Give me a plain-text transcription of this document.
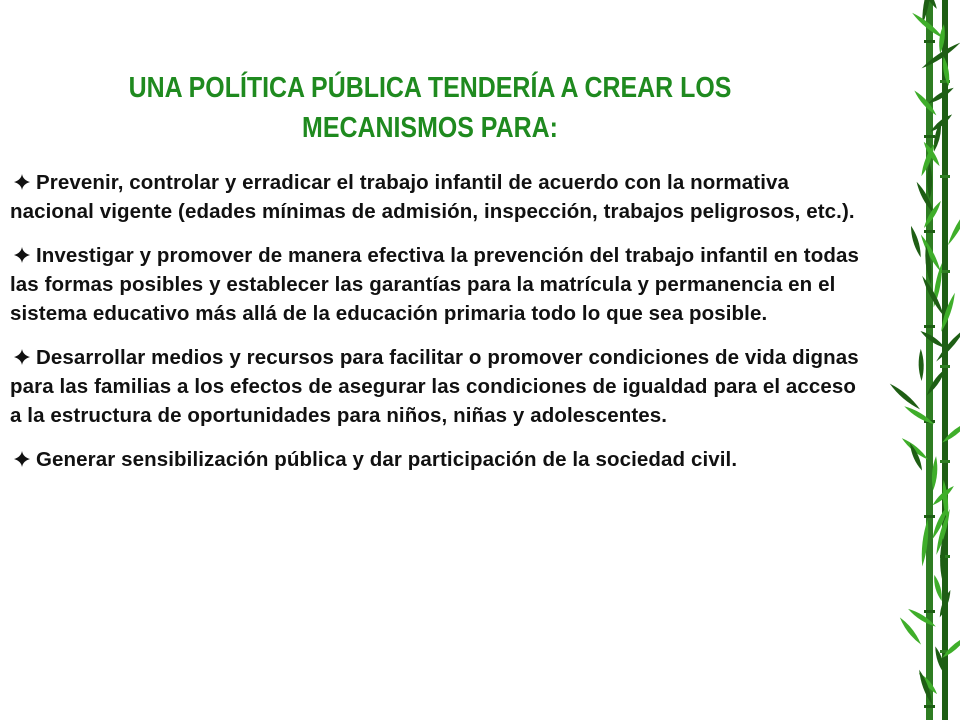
UNA POLÍTICA PÚBLICA TENDERÍA A CREAR LOS
MECANISMOS PARA:
Prevenir, controlar y erradicar el trabajo infantil de acuerdo con la normativa nacional vigente (edades mínimas de admisión, inspección, trabajos peligrosos, etc.).
Investigar y promover de manera efectiva la prevención del trabajo infantil en todas las formas posibles y establecer las garantías para la matrícula y permanencia en el sistema educativo más allá de la educación primaria todo lo que sea posible.
Desarrollar medios y recursos para facilitar o promover condiciones de vida dignas para las familias a los efectos de asegurar las condiciones de igualdad para el acceso a la estructura de oportunidades para niños, niñas y adolescentes.
Generar sensibilización pública y dar participación de la sociedad civil.
